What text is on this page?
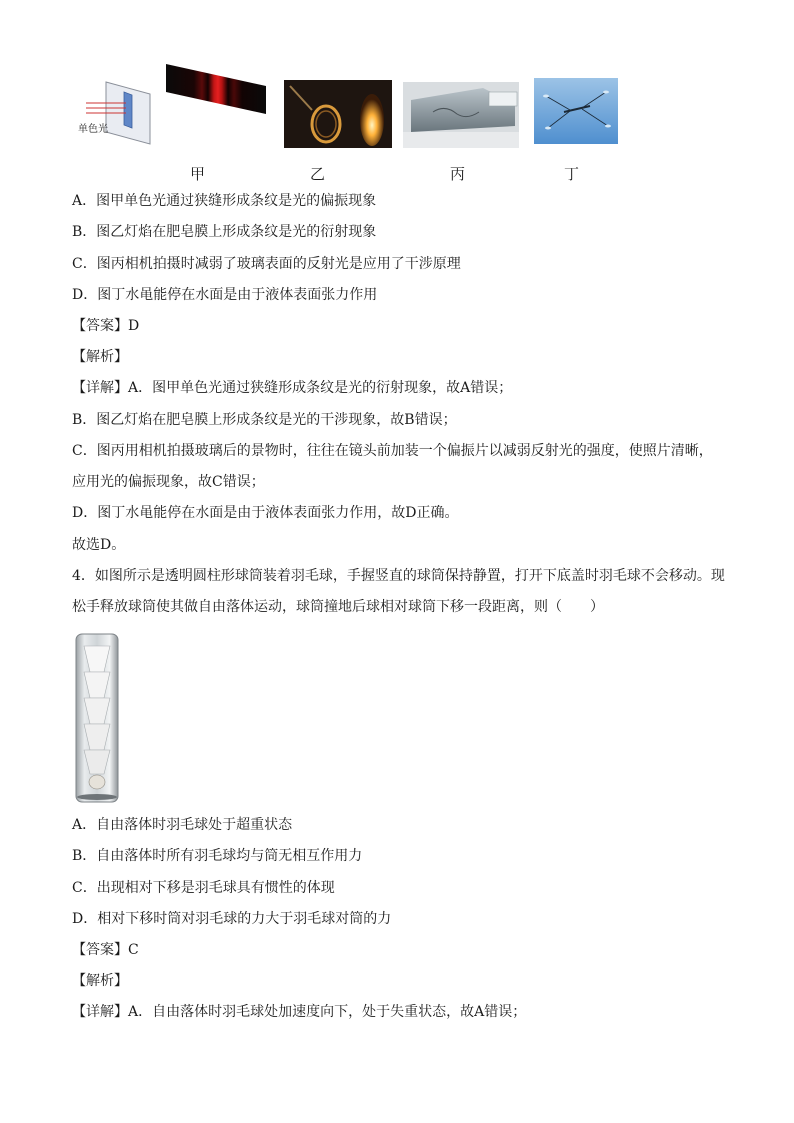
单色光
甲	乙	丙	丁
A．图甲单色光通过狭缝形成条纹是光的偏振现象
B．图乙灯焰在肥皂膜上形成条纹是光的衍射现象
C．图丙相机拍摄时减弱了玻璃表面的反射光是应用了干涉原理
D．图丁水黾能停在水面是由于液体表面张力作用
【答案】D
【解析】
【详解】A．图甲单色光通过狭缝形成条纹是光的衍射现象，故A错误；
B．图乙灯焰在肥皂膜上形成条纹是光的干涉现象，故B错误；
C．图丙用相机拍摄玻璃后的景物时，往往在镜头前加装一个偏振片以减弱反射光的强度，使照片清晰，
应用光的偏振现象，故C错误；
D．图丁水黾能停在水面是由于液体表面张力作用，故D正确。
故选D。
4．如图所示是透明圆柱形球筒装着羽毛球，手握竖直的球筒保持静置，打开下底盖时羽毛球不会移动。现
松手释放球筒使其做自由落体运动，球筒撞地后球相对球筒下移一段距离，则（　　）
A．自由落体时羽毛球处于超重状态
B．自由落体时所有羽毛球均与筒无相互作用力
C．出现相对下移是羽毛球具有惯性的体现
D．相对下移时筒对羽毛球的力大于羽毛球对筒的力
【答案】C
【解析】
【详解】A．自由落体时羽毛球处加速度向下，处于失重状态，故A错误；
